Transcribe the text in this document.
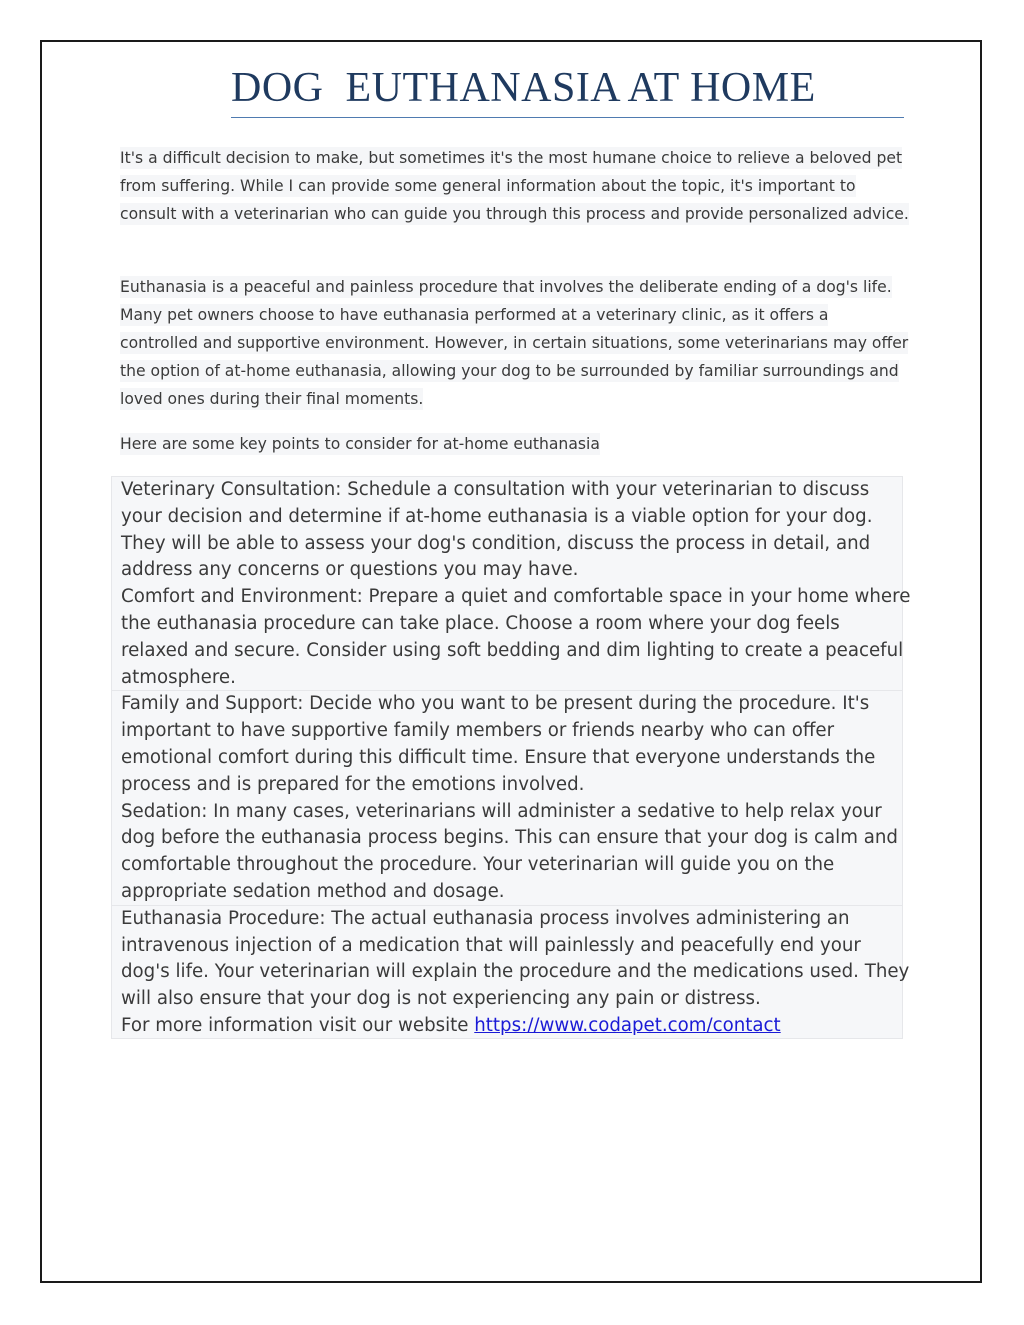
DOG  EUTHANASIA AT HOME

It's a difficult decision to make, but sometimes it's the most humane choice to relieve a beloved pet from suffering. While I can provide some general information about the topic, it's important to consult with a veterinarian who can guide you through this process and provide personalized advice.

Euthanasia is a peaceful and painless procedure that involves the deliberate ending of a dog's life. Many pet owners choose to have euthanasia performed at a veterinary clinic, as it offers a controlled and supportive environment. However, in certain situations, some veterinarians may offer the option of at-home euthanasia, allowing your dog to be surrounded by familiar surroundings and loved ones during their final moments.

Here are some key points to consider for at-home euthanasia

Veterinary Consultation: Schedule a consultation with your veterinarian to discuss your decision and determine if at-home euthanasia is a viable option for your dog. They will be able to assess your dog's condition, discuss the process in detail, and address any concerns or questions you may have.
Comfort and Environment: Prepare a quiet and comfortable space in your home where the euthanasia procedure can take place. Choose a room where your dog feels relaxed and secure. Consider using soft bedding and dim lighting to create a peaceful atmosphere.
Family and Support: Decide who you want to be present during the procedure. It's important to have supportive family members or friends nearby who can offer emotional comfort during this difficult time. Ensure that everyone understands the process and is prepared for the emotions involved.
Sedation: In many cases, veterinarians will administer a sedative to help relax your dog before the euthanasia process begins. This can ensure that your dog is calm and comfortable throughout the procedure. Your veterinarian will guide you on the appropriate sedation method and dosage.
Euthanasia Procedure: The actual euthanasia process involves administering an intravenous injection of a medication that will painlessly and peacefully end your dog's life. Your veterinarian will explain the procedure and the medications used. They will also ensure that your dog is not experiencing any pain or distress.
For more information visit our website https://www.codapet.com/contact
